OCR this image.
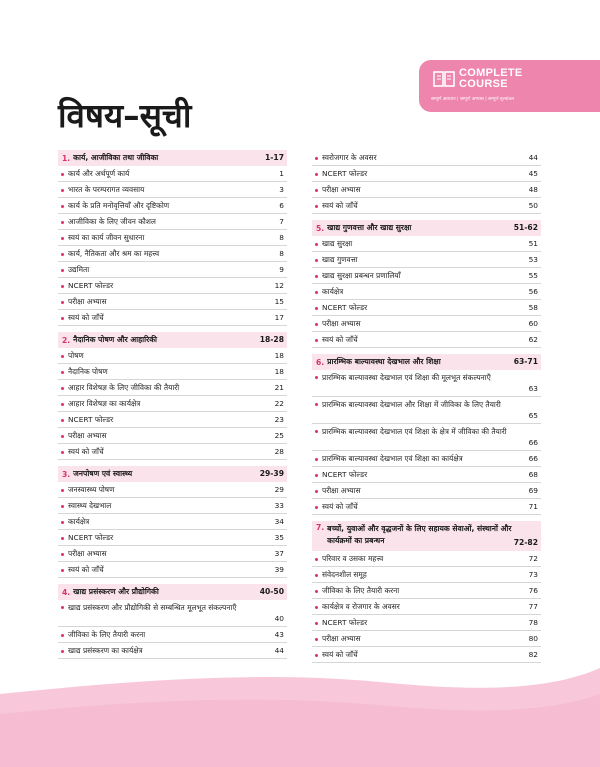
COMPLETE
COURSE
सम्पूर्ण अध्ययन | सम्पूर्ण अभ्यास | सम्पूर्ण मूल्यांकन
विषय–सूची
1. कार्य, आजीविका तथा जीविका	1-17
कार्य और अर्थपूर्ण कार्य	1
भारत के परम्परागत व्यवसाय	3
कार्य के प्रति मनोवृत्तियाँ और दृष्टिकोण	6
आजीविका के लिए जीवन कौशल	7
स्वयं का कार्य जीवन सुधारना	8
कार्य, नैतिकता और श्रम का महत्त्व	8
उद्यमिता	9
NCERT फोल्डर	12
परीक्षा अभ्यास	15
स्वयं को जाँचें	17
2. नैदानिक पोषण और आहारिकी	18-28
पोषण	18
नैदानिक पोषण	18
आहार विशेषज्ञ के लिए जीविका की तैयारी	21
आहार विशेषज्ञ का कार्यक्षेत्र	22
NCERT फोल्डर	23
परीक्षा अभ्यास	25
स्वयं को जाँचें	28
3. जनपोषण एवं स्वास्थ्य	29-39
जनस्वास्थ्य पोषण	29
स्वास्थ्य देखभाल	33
कार्यक्षेत्र	34
NCERT फोल्डर	35
परीक्षा अभ्यास	37
स्वयं को जाँचें	39
4. खाद्य प्रसंस्करण और प्रौद्योगिकी	40-50
खाद्य प्रसंस्करण और प्रौद्योगिकी से सम्बन्धित मूलभूत संकल्पनाएँ
40
जीविका के लिए तैयारी करना	43
खाद्य प्रसंस्करण का कार्यक्षेत्र	44
स्वरोजगार के अवसर	44
NCERT फोल्डर	45
परीक्षा अभ्यास	48
स्वयं को जाँचें	50
5. खाद्य गुणवत्ता और खाद्य सुरक्षा	51-62
खाद्य सुरक्षा	51
खाद्य गुणवत्ता	53
खाद्य सुरक्षा प्रबन्धन प्रणालियाँ	55
कार्यक्षेत्र	56
NCERT फोल्डर	58
परीक्षा अभ्यास	60
स्वयं को जाँचें	62
6. प्रारम्भिक बाल्यावस्था देखभाल और शिक्षा	63-71
प्रारम्भिक बाल्यावस्था देखभाल एवं शिक्षा की मूलभूत संकल्पनाएँ
63
प्रारम्भिक बाल्यावस्था देखभाल और शिक्षा में जीविका के लिए तैयारी
65
प्रारम्भिक बाल्यावस्था देखभाल एवं शिक्षा के क्षेत्र में जीविका की तैयारी
66
प्रारम्भिक बाल्यावस्था देखभाल एवं शिक्षा का कार्यक्षेत्र	66
NCERT फोल्डर	68
परीक्षा अभ्यास	69
स्वयं को जाँचें	71
7. बच्चों, युवाओं और वृद्धजनों के लिए सहायक सेवाओं, संस्थानों और कार्यक्रमों का प्रबन्धन	72-82
परिवार व उसका महत्त्व	72
संवेदनशील समूह	73
जीविका के लिए तैयारी करना	76
कार्यक्षेत्र व रोजगार के अवसर	77
NCERT फोल्डर	78
परीक्षा अभ्यास	80
स्वयं को जाँचें	82
